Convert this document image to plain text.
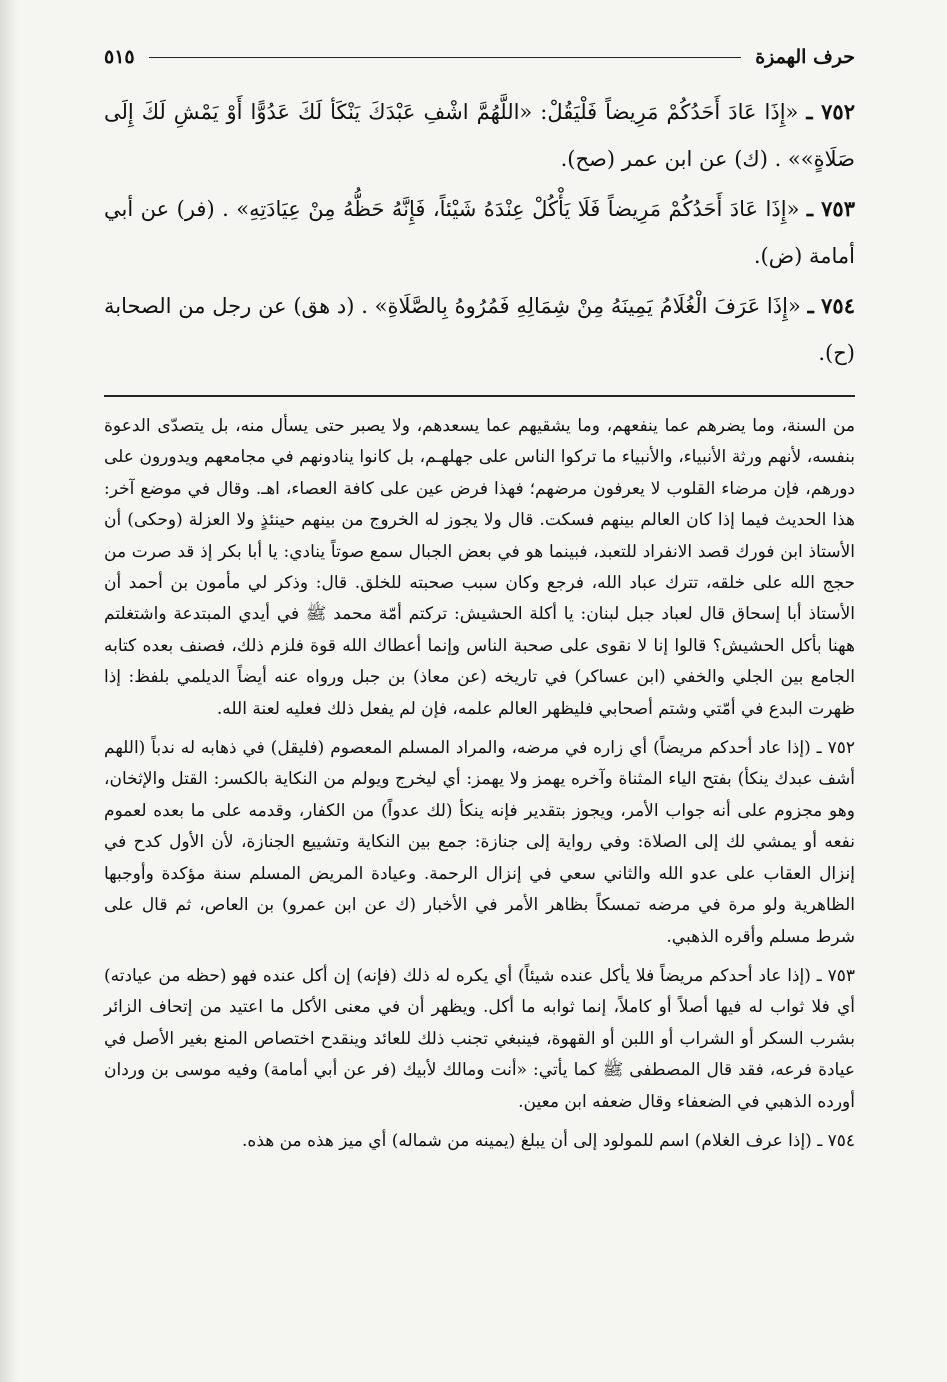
حرف الهمزة
٥١٥

٧٥٢ ـ «إِذَا عَادَ أَحَدُكُمْ مَرِيضاً فَلْيَقُلْ: «اللَّهُمَّ اشْفِ عَبْدَكَ يَنْكَأ لَكَ عَدُوًّا أَوْ يَمْشِ لَكَ إِلَى صَلَاةٍ»» . (ك) عن ابن عمر (صح).

٧٥٣ ـ «إِذَا عَادَ أَحَدُكُمْ مَرِيضاً فَلَا يَأْكُلْ عِنْدَهُ شَيْئاً، فَإِنَّهُ حَظُّهُ مِنْ عِيَادَتِهِ» . (فر) عن أبي أمامة (ض).

٧٥٤ ـ «إِذَا عَرَفَ الْغُلَامُ يَمِينَهُ مِنْ شِمَالِهِ فَمُرُوهُ بِالصَّلَاةِ» . (د هق) عن رجل من الصحابة (ح).

من السنة، وما يضرهم عما ينفعهم، وما يشقيهم عما يسعدهم، ولا يصبر حتى يسأل منه، بل يتصدّى الدعوة بنفسه، لأنهم ورثة الأنبياء، والأنبياء ما تركوا الناس على جهلهـم، بل كانوا ينادونهم في مجامعهم ويدورون على دورهم، فإن مرضاء القلوب لا يعرفون مرضهم؛ فهذا فرض عين على كافة العصاء، اهـ. وقال في موضع آخر: هذا الحديث فيما إذا كان العالم بينهم فسكت. قال ولا يجوز له الخروج من بينهم حينئذٍ ولا العزلة (وحكى) أن الأستاذ ابن فورك قصد الانفراد للتعبد، فبينما هو في بعض الجبال سمع صوتاً ينادي: يا أبا بكر إذ قد صرت من حجج الله على خلقه، تترك عباد الله، فرجع وكان سبب صحبته للخلق. قال: وذكر لي مأمون بن أحمد أن الأستاذ أبا إسحاق قال لعباد جبل لبنان: يا أكلة الحشيش: تركتم أمّة محمد ﷺ في أيدي المبتدعة واشتغلتم ههنا بأكل الحشيش؟ قالوا إنا لا نقوى على صحبة الناس وإنما أعطاك الله قوة فلزم ذلك، فصنف بعده كتابه الجامع بين الجلي والخفي (ابن عساكر) في تاريخه (عن معاذ) بن جبل ورواه عنه أيضاً الديلمي بلفظ: إذا ظهرت البدع في أمّتي وشتم أصحابي فليظهر العالم علمه، فإن لم يفعل ذلك فعليه لعنة الله.

٧٥٢ ـ (إذا عاد أحدكم مريضاً) أي زاره في مرضه، والمراد المسلم المعصوم (فليقل) في ذهابه له ندباً (اللهم أشف عبدك ينكأ) بفتح الياء المثناة وآخره يهمز ولا يهمز: أي ليخرج ويولم من النكاية بالكسر: القتل والإثخان، وهو مجزوم على أنه جواب الأمر، ويجوز بتقدير فإنه ينكأ (لك عدواً) من الكفار، وقدمه على ما بعده لعموم نفعه أو يمشي لك إلى الصلاة: وفي رواية إلى جنازة: جمع بين النكاية وتشييع الجنازة، لأن الأول كدح في إنزال العقاب على عدو الله والثاني سعي في إنزال الرحمة. وعيادة المريض المسلم سنة مؤكدة وأوجبها الظاهرية ولو مرة في مرضه تمسكاً بظاهر الأمر في الأخبار (ك عن ابن عمرو) بن العاص، ثم قال على شرط مسلم وأقره الذهبي.

٧٥٣ ـ (إذا عاد أحدكم مريضاً فلا يأكل عنده شيئاً) أي يكره له ذلك (فإنه) إن أكل عنده فهو (حظه من عيادته) أي فلا ثواب له فيها أصلاً أو كاملاً، إنما ثوابه ما أكل. ويظهر أن في معنى الأكل ما اعتيد من إتحاف الزائر بشرب السكر أو الشراب أو اللبن أو القهوة، فينبغي تجنب ذلك للعائد وينقدح اختصاص المنع بغير الأصل في عيادة فرعه، فقد قال المصطفى ﷺ كما يأتي: «أنت ومالك لأبيك (فر عن أبي أمامة) وفيه موسى بن وردان أورده الذهبي في الضعفاء وقال ضعفه ابن معين.

٧٥٤ ـ (إذا عرف الغلام) اسم للمولود إلى أن يبلغ (يمينه من شماله) أي ميز هذه من هذه.
